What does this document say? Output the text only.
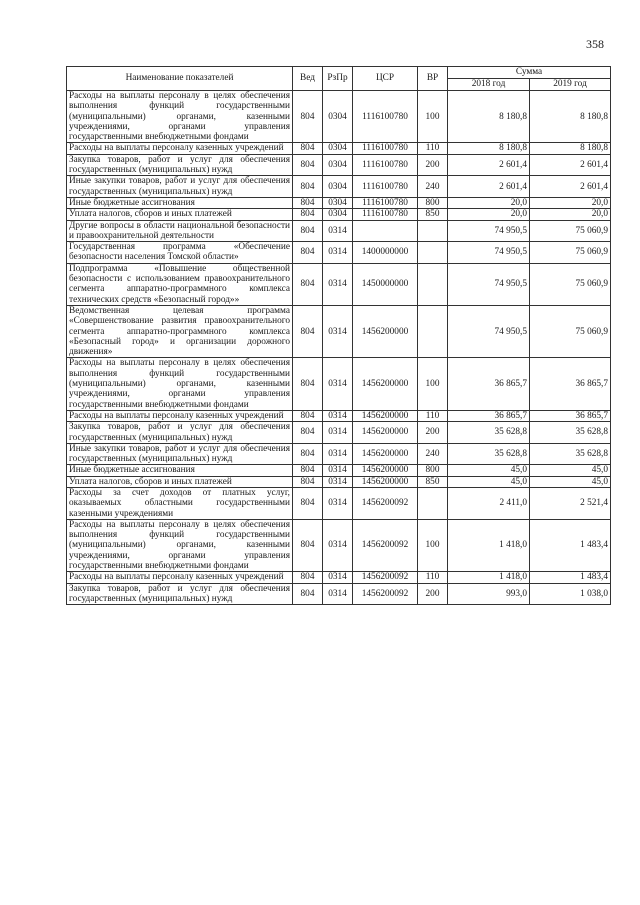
358
Наименование показателей	Вед	РзПр	ЦСР	ВР	Сумма	
					2018 год	2019 год
Расходы на выплаты персоналу в целях обеспечения выполнения функций государственными (муниципальными) органами, казенными учреждениями, органами управления государственными внебюджетными фондами	804	0304	1116100780	100	8 180,8	8 180,8
Расходы на выплаты персоналу казенных учреждений	804	0304	1116100780	110	8 180,8	8 180,8
Закупка товаров, работ и услуг для обеспечения государственных (муниципальных) нужд	804	0304	1116100780	200	2 601,4	2 601,4
Иные закупки товаров, работ и услуг для обеспечения государственных (муниципальных) нужд	804	0304	1116100780	240	2 601,4	2 601,4
Иные бюджетные ассигнования	804	0304	1116100780	800	20,0	20,0
Уплата налогов, сборов и иных платежей	804	0304	1116100780	850	20,0	20,0
Другие вопросы в области национальной безопасности и правоохранительной деятельности	804	0314			74 950,5	75 060,9
Государственная программа «Обеспечение безопасности населения Томской области»	804	0314	1400000000		74 950,5	75 060,9
Подпрограмма «Повышение общественной безопасности с использованием правоохранительного сегмента аппаратно-программного комплекса технических средств «Безопасный город»»	804	0314	1450000000		74 950,5	75 060,9
Ведомственная целевая программа «Совершенствование развития правоохранительного сегмента аппаратно-программного комплекса «Безопасный город» и организации дорожного движения»	804	0314	1456200000		74 950,5	75 060,9
Расходы на выплаты персоналу в целях обеспечения выполнения функций государственными (муниципальными) органами, казенными учреждениями, органами управления государственными внебюджетными фондами	804	0314	1456200000	100	36 865,7	36 865,7
Расходы на выплаты персоналу казенных учреждений	804	0314	1456200000	110	36 865,7	36 865,7
Закупка товаров, работ и услуг для обеспечения государственных (муниципальных) нужд	804	0314	1456200000	200	35 628,8	35 628,8
Иные закупки товаров, работ и услуг для обеспечения государственных (муниципальных) нужд	804	0314	1456200000	240	35 628,8	35 628,8
Иные бюджетные ассигнования	804	0314	1456200000	800	45,0	45,0
Уплата налогов, сборов и иных платежей	804	0314	1456200000	850	45,0	45,0
Расходы за счет доходов от платных услуг, оказываемых областными государственными казенными учреждениями	804	0314	1456200092		2 411,0	2 521,4
Расходы на выплаты персоналу в целях обеспечения выполнения функций государственными (муниципальными) органами, казенными учреждениями, органами управления государственными внебюджетными фондами	804	0314	1456200092	100	1 418,0	1 483,4
Расходы на выплаты персоналу казенных учреждений	804	0314	1456200092	110	1 418,0	1 483,4
Закупка товаров, работ и услуг для обеспечения государственных (муниципальных) нужд	804	0314	1456200092	200	993,0	1 038,0
